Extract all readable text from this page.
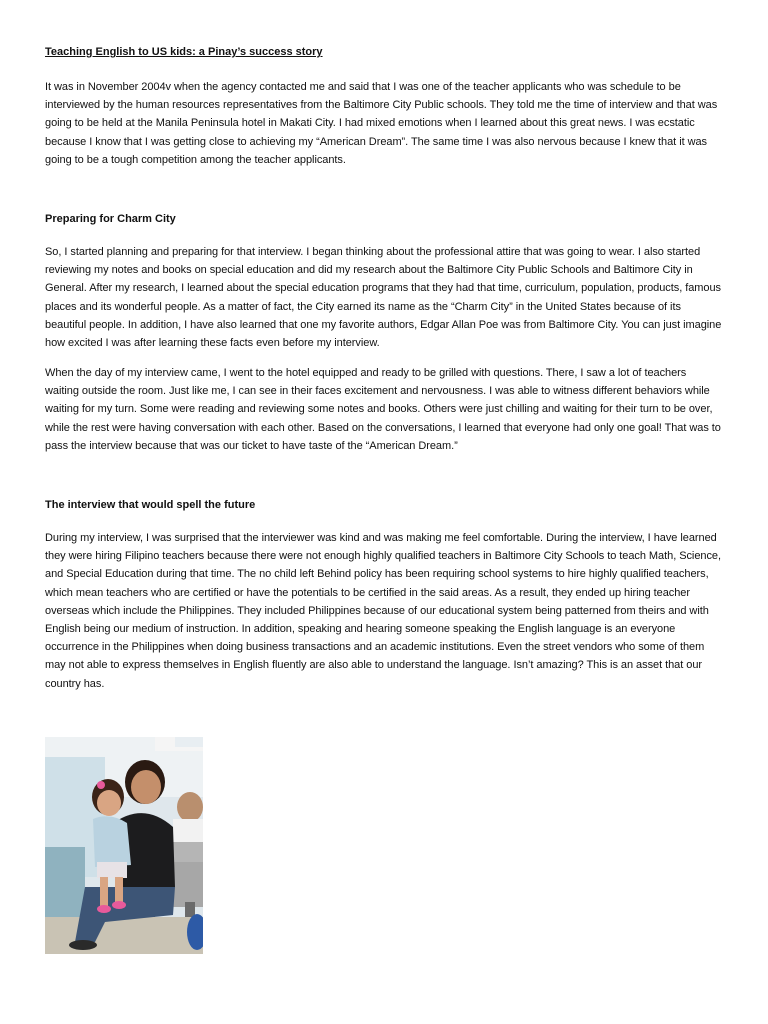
Teaching English to US kids: a Pinay’s success story

It was in November 2004v when the agency contacted me and said that I was one of the teacher applicants who was schedule to be interviewed by the human resources representatives from the Baltimore City Public schools. They told me the time of interview and that was going to be held at the Manila Peninsula hotel in Makati City. I had mixed emotions when I learned about this great news. I was ecstatic because I know that I was getting close to achieving my “American Dream”. The same time I was also nervous because I knew that it was going to be a tough competition among the teacher applicants.

Preparing for Charm City

So, I started planning and preparing for that interview. I began thinking about the professional attire that was going to wear. I also started reviewing my notes and books on special education and did my research about the Baltimore City Public Schools and Baltimore City in General. After my research, I learned about the special education programs that they had that time, curriculum, population, products, famous places and its wonderful people. As a matter of fact, the City earned its name as the “Charm City” in the United States because of its beautiful people. In addition, I have also learned that one my favorite authors, Edgar Allan Poe was from Baltimore City. You can just imagine how excited I was after learning these facts even before my interview.

When the day of my interview came, I went to the hotel equipped and ready to be grilled with questions. There, I saw a lot of teachers waiting outside the room. Just like me, I can see in their faces excitement and nervousness. I was able to witness different behaviors while waiting for my turn. Some were reading and reviewing some notes and books. Others were just chilling and waiting for their turn to be over, while the rest were having conversation with each other. Based on the conversations, I learned that everyone had only one goal! That was to pass the interview because that was our ticket to have taste of the “American Dream.”

The interview that would spell the future

During my interview, I was surprised that the interviewer was kind and was making me feel comfortable. During the interview, I have learned they were hiring Filipino teachers because there were not enough highly qualified teachers in Baltimore City Schools to teach Math, Science, and Special Education during that time. The no child left Behind policy has been requiring school systems to hire highly qualified teachers, which mean teachers who are certified or have the potentials to be certified in the said areas. As a result, they ended up hiring teacher overseas which include the Philippines. They included Philippines because of our educational system being patterned from theirs and with English being our medium of instruction. In addition, speaking and hearing someone speaking the English language is an everyone occurrence in the Philippines when doing business transactions and an academic institutions. Even the street vendors who some of them may not able to express themselves in English fluently are also able to understand the language. Isn’t amazing? This is an asset that our country has.
